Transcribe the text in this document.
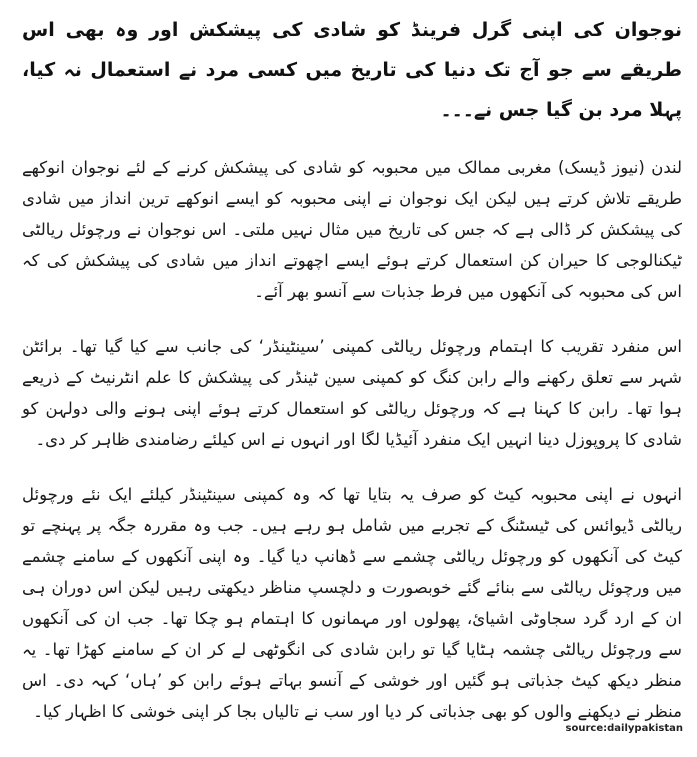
نوجوان کی اپنی گرل فرینڈ کو شادی کی پیشکش اور وہ بھی اس طریقے سے جو آج تک دنیا کی تاریخ میں کسی مرد نے استعمال نہ کیا، پہلا مرد بن گیا جس نے۔۔۔

لندن (نیوز ڈیسک) مغربی ممالک میں محبوبہ کو شادی کی پیشکش کرنے کے لئے نوجوان انوکھے طریقے تلاش کرتے ہیں لیکن ایک نوجوان نے اپنی محبوبہ کو ایسے انوکھے ترین انداز میں شادی کی پیشکش کر ڈالی ہے کہ جس کی تاریخ میں مثال نہیں ملتی۔ اس نوجوان نے ورچوئل ریالٹی ٹیکنالوجی کا حیران کن استعمال کرتے ہوئے ایسے اچھوتے انداز میں شادی کی پیشکش کی کہ اس کی محبوبہ کی آنکھوں میں فرط جذبات سے آنسو بھر آئے۔

اس منفرد تقریب کا اہتمام ورچوئل ریالٹی کمپنی ’سینٹینڈر‘ کی جانب سے کیا گیا تھا۔ برائٹن شہر سے تعلق رکھنے والے رابن کنگ کو کمپنی سین ٹینڈر کی پیشکش کا علم انٹرنیٹ کے ذریعے ہوا تھا۔ رابن کا کہنا ہے کہ ورچوئل ریالٹی کو استعمال کرتے ہوئے اپنی ہونے والی دولہن کو شادی کا پروپوزل دینا انہیں ایک منفرد آئیڈیا لگا اور انہوں نے اس کیلئے رضامندی ظاہر کر دی۔

انہوں نے اپنی محبوبہ کیٹ کو صرف یہ بتایا تھا کہ وہ کمپنی سینٹینڈر کیلئے ایک نئے ورچوئل ریالٹی ڈیوائس کی ٹیسٹنگ کے تجربے میں شامل ہو رہے ہیں۔ جب وہ مقررہ جگہ پر پہنچے تو کیٹ کی آنکھوں کو ورچوئل ریالٹی چشمے سے ڈھانپ دیا گیا۔ وہ اپنی آنکھوں کے سامنے چشمے میں ورچوئل ریالٹی سے بنائے گئے خوبصورت و دلچسپ مناظر دیکھتی رہیں لیکن اس دوران ہی ان کے ارد گرد سجاوٹی اشیائ، پھولوں اور مہمانوں کا اہتمام ہو چکا تھا۔ جب ان کی آنکھوں سے ورچوئل ریالٹی چشمہ ہٹایا گیا تو رابن شادی کی انگوٹھی لے کر ان کے سامنے کھڑا تھا۔ یہ منظر دیکھ کیٹ جذباتی ہو گئیں اور خوشی کے آنسو بہاتے ہوئے رابن کو ’ہاں‘ کہہ دی۔ اس منظر نے دیکھنے والوں کو بھی جذباتی کر دیا اور سب نے تالیاں بجا کر اپنی خوشی کا اظہار کیا۔

source:dailypakistan
